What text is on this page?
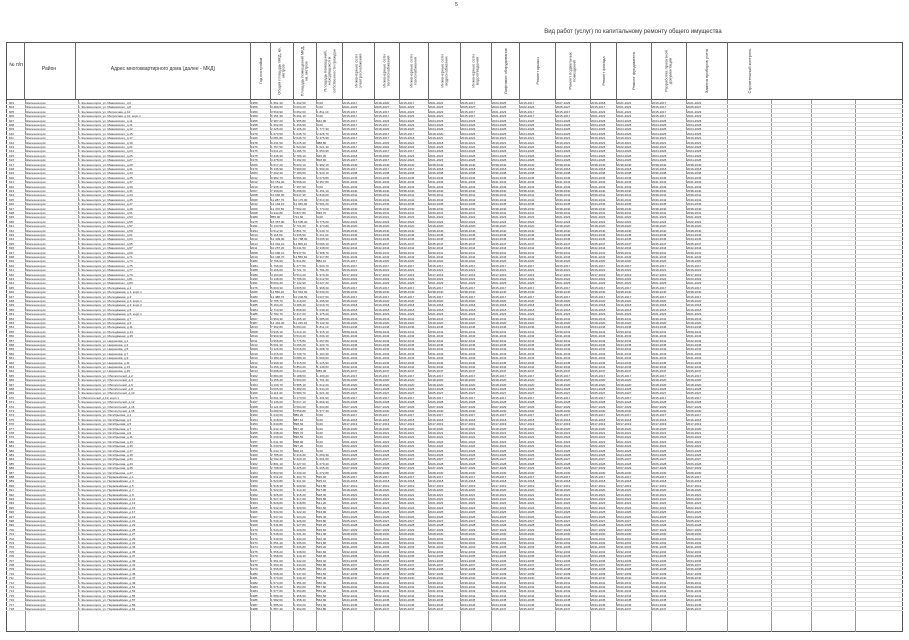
5
Вид работ (услуг) по капитальному ремонту общего имущества
№ п/п
Район	Адрес многоквартирного дома (далее - МКД)	Год постройки	Общая площадь МКД, кв. метров	Площадь помещений МКД, кв. метров	Площадь помещений, находящихся в собственности граждан	Инженерные сети электроснабжения	Инженерные сети теплоснабжения	Инженерные сети газоснабжения	Инженерные сети водоснабжения	Инженерные сети водоотведения	Лифтовое оборудование	Ремонт крыши	Ремонт подвальных помещений	Ремонт фасада	Ремонт фундамента	Разработка проектной документации	Замена приборов учета	Строительный контроль
603	Железногорск	г. Железногорск, ул. Маяковского, д.6	1956	1 561,30	1 292,50	0,00	2015-2017	2018-2020	2015-2017	2021-2023	2015-2017	2023-2025	2015-2017	2027-2029	2016-2018	2021-2023	2015-2017	2021-2023
604	Железногорск	г. Железногорск, ул. Маяковского, д.8	1956	3 489,50	3 004,20	0,00	2021-2023	2025-2027	2021-2023	2021-2023	2025-2027	2023-2025	2022-2024	2025-2027	2015-2017	2021-2023	2015-2017	2025-2027
605	Железногорск	г. Железногорск, ул. Матросова, д.10	1959	3 560,90	3 052,00	1 811,10	2015-2017	2015-2017	2021-2023	2021-2023	2015-2017	2021-2023	2015-2017	2015-2017	2021-2023	2021-2023	2015-2017	2021-2023
606	Железногорск	г. Железногорск, ул. Матросова, д.10, корп.1	1959	6 151,30	5 291,10	0,00	2015-2017	2015-2017	2021-2023	2021-2023	2015-2017	2021-2023	2015-2017	2015-2017	2021-2023	2021-2023	2015-2017	2021-2023
607	Железногорск	г. Железногорск, ул. Маяковского, д.11	1955	2 387,20	1 955,80	642,90	2015-2017	2021-2023	2024-2026	2024-2026	2024-2026	2024-2026	2024-2026	2024-2026	2024-2026	2024-2026	2024-2026	2024-2026
608	Железногорск	г. Железногорск, ул. Маяковского, д.11	1958	1 662,60	1 466,90	0,00	2015-2017	2015-2017	2021-2023	2024-2026	2024-2026	2024-2026	2024-2026	2024-2026	2024-2026	2024-2026	2024-2026	2024-2026
609	Железногорск	г. Железногорск, ул. Маяковского, д.12	1965	2 425,00	2 106,20	1 777,30	2015-2017	2018-2020	2018-2020	2024-2026	2024-2026	2024-2026	2024-2026	2024-2026	2024-2026	2024-2026	2024-2026	2024-2026
610	Железногорск	г. Железногорск, ул. Маяковского, д.15	1979	1 273,50	1 045,70	2 226,70	2016-2018	2015-2017	2015-2017	2018-2020	2024-2026	2024-2026	2024-2026	2024-2026	2024-2026	2024-2026	2024-2026	2024-2026
611	Железногорск	г. Железногорск, ул. Маяковского, д.17	1966	3 081,80	2 646,70	2 475,90	2015-2017	2015-2017	2016-2018	2019-2021	2019-2021	2019-2021	2019-2021	2019-2021	2019-2021	2019-2021	2019-2021	2019-2021
612	Железногорск	г. Железногорск, ул. Маяковского, д.19	1978	6 231,50	5 215,40	888,80	2015-2017	2021-2023	2019-2021	2016-2018	2019-2021	2019-2021	2019-2021	2019-2021	2019-2021	2019-2021	2019-2021	2019-2021
613	Железногорск	г. Железногорск, ул. Маяковского, д.21	1976	1 757,50	1 524,90	1 021,30	2015-2017	2022-2024	2022-2024	2021-2023	2022-2024	2022-2024	2022-2024	2022-2024	2022-2024	2022-2024	2022-2024	2022-2024
614	Железногорск	г. Железногорск, ул. Маяковского, д.23	1975	4 611,20	4 196,70	1 054,90	2016-2018	2015-2017	2015-2017	2024-2026	2024-2026	2024-2026	2024-2026	2024-2026	2024-2026	2024-2026	2024-2026	2024-2026
615	Железногорск	г. Железногорск, ул. Маяковского, д.25	1975	3 446,30	2 786,10	945,30	2016-2018	2018-2020	2021-2023	2021-2023	2024-2026	2024-2026	2024-2026	2024-2026	2024-2026	2024-2026	2024-2026	2024-2026
616	Железногорск	г. Железногорск, ул. Маяковского, д.27	1979	3 478,00	3 192,60	818,00	2015-2017	2015-2017	2022-2024	2021-2023	2024-2026	2024-2026	2024-2026	2024-2026	2024-2026	2024-2026	2024-2026	2024-2026
617	Железногорск	г. Железногорск, ул. Маяковского, д.29	2006	6 017,20	5 603,10	1 982,10	2038-2040	2038-2040	2038-2040	2038-2040	2038-2040	2038-2040	2038-2040	2038-2040	2038-2040	2038-2040	2038-2040	2038-2040
618	Железногорск	г. Железногорск, ул. Маяковского, д.31	1976	5 136,90	3 990,60	1 590,20	2015-2017	2015-2017	2015-2017	2016-2018	2016-2018	2016-2018	2016-2018	2016-2018	2016-2018	2016-2018	2016-2018	2016-2018
619	Железногорск	г. Железногорск, ул. Маяковского, д.33	2003	7 292,40	7 180,60	1 943,10	2036-2038	2036-2038	2036-2038	2036-2038	2036-2038	2036-2038	2036-2038	2036-2038	2036-2038	2036-2038	2036-2038	2036-2038
620	Железногорск	г. Железногорск, ул. Маяковского, д.35	2012	9 982,70	9 566,30	2 079,80	2043-2045	2043-2045	2043-2045	2043-2045	2043-2045	2043-2045	2043-2045	2043-2045	2043-2045	2043-2045	2043-2045	2043-2045
621	Железногорск	г. Железногорск, ул. Маяковского, д.37	2012	10 151,00	9 598,20	2 357,80	2041-2043	2041-2043	2041-2043	2041-2043	2041-2043	2041-2043	2041-2043	2041-2043	2041-2043	2041-2043	2041-2043	2041-2043
622	Железногорск	г. Железногорск, ул. Маяковского, д.39	2010	7 935,30	7 357,90	0,00	2041-2043	2041-2043	2041-2043	2041-2043	2041-2043	2041-2043	2041-2043	2041-2043	2041-2043	2041-2043	2041-2043	2041-2043
623	Железногорск	г. Железногорск, ул. Маяковского, д.41	2007	7 390,80	6 298,60	1 451,10	2038-2040	2038-2040	2038-2040	2038-2040	2038-2040	2038-2040	2038-2040	2038-2040	2038-2040	2038-2040	2038-2040	2038-2040
624	Железногорск	г. Железногорск, ул. Маяковского, д.43	2008	10 660,00	9 647,30	2 849,00	2039-2041	2039-2041	2039-2041	2039-2041	2039-2041	2039-2041	2039-2041	2039-2041	2039-2041	2039-2041	2039-2041	2039-2041
625	Железногорск	г. Железногорск, ул. Маяковского, д.45	2009	11 287,70	10 170,00	2 613,30	2040-2042	2040-2042	2040-2042	2040-2042	2040-2042	2040-2042	2040-2042	2040-2042	2040-2042	2040-2042	2040-2042	2040-2042
626	Железногорск	г. Железногорск, ул. Маяковского, д.47	2012	12 163,10	11 046,00	2 591,20	2043-2045	2043-2045	2043-2045	2043-2045	2043-2045	2043-2045	2043-2045	2043-2045	2043-2045	2043-2045	2043-2045	2043-2045
627	Железногорск	г. Железногорск, ул. Маяковского, д.49	2006	11 470,50	7 502,20	1 773,00	2038-2040	2038-2040	2038-2040	2038-2040	2038-2040	2038-2040	2038-2040	2038-2040	2038-2040	2038-2040	2038-2040	2038-2040
628	Железногорск	г. Железногорск, ул. Маяковского, д.51	2008	4 344,80	3 827,80	936,70	2039-2041	2039-2041	2039-2041	2039-2041	2039-2041	2039-2041	2039-2041	2039-2041	2039-2041	2039-2041	2039-2041	2039-2041
629	Железногорск	г. Железногорск, ул. Маяковского, д.53	1989	855,00	724,60	0,00	2019-2021	2019-2021	2021-2023	2021-2023	2021-2023	2021-2023	2021-2023	2021-2023	2021-2023	2021-2023	2021-2023	2021-2023
630	Железногорск	г. Железногорск, ул. Маяковского, д.55	1975	15 357,80	13 535,00	6 776,00	2022-2024	2022-2024	2022-2024	2022-2024	2022-2024	2022-2024	2022-2024	2022-2024	2022-2024	2022-2024	2022-2024	2022-2024
631	Железногорск	г. Железногорск, ул. Маяковского, д.57	1991	3 133,50	2 721,60	1 373,80	2018-2020	2018-2020	2018-2020	2018-2020	2018-2020	2018-2020	2018-2020	2018-2020	2018-2020	2018-2020	2018-2020	2018-2020
632	Железногорск	г. Железногорск, ул. Маяковского, д.59	1994	3 512,30	2 861,70	1 049,70	2038-2040	2038-2040	2038-2040	2038-2040	2038-2040	2038-2040	2038-2040	2038-2040	2038-2040	2038-2040	2038-2040	2038-2040
633	Железногорск	г. Железногорск, ул. Маяковского, д.61	2013	5 118,60	4 336,50	1 211,00	2044-2046	2044-2046	2044-2046	2044-2046	2044-2046	2044-2046	2044-2046	2044-2046	2044-2046	2044-2046	2044-2046	2044-2046
634	Железногорск	г. Железногорск, ул. Маяковского, д.63	2012	12 449,00	10 798,00	3 095,30	2043-2045	2043-2045	2043-2045	2043-2045	2043-2045	2043-2045	2043-2045	2043-2045	2043-2045	2043-2045	2043-2045	2043-2045
635	Железногорск	г. Железногорск, ул. Маяковского, д.65	2014	13 391,10	11 809,10	3 006,10	2045-2047	2045-2047	2045-2047	2045-2047	2045-2047	2045-2047	2045-2047	2045-2047	2045-2047	2045-2047	2045-2047	2045-2047
636	Железногорск	г. Железногорск, ул. Маяковского, д.67	2011	10 257,20	9 241,50	2 348,60	2042-2044	2042-2044	2042-2044	2042-2044	2042-2044	2042-2044	2042-2044	2042-2044	2042-2044	2042-2044	2042-2044	2042-2044
637	Железногорск	г. Железногорск, ул. Маяковского, д.69	2008	10 096,10	8 947,50	2 368,70	2039-2041	2039-2041	2039-2041	2039-2041	2039-2041	2039-2041	2039-2041	2039-2041	2039-2041	2039-2041	2039-2041	2039-2041
638	Железногорск	г. Железногорск, ул. Маяковского, д.71	2010	10 196,70	11 556,60	2 317,80	2041-2043	2041-2043	2041-2043	2041-2043	2041-2043	2041-2043	2041-2043	2041-2043	2041-2043	2041-2043	2041-2043	2041-2043
639	Железногорск	г. Железногорск, ул. Маяковского, д.73	1982	2 766,60	1 611,80	882,10	2015-2017	2018-2020	2018-2020	2018-2020	2018-2020	2018-2020	2018-2020	2018-2020	2018-2020	2018-2020	2018-2020	2018-2020
640	Железногорск	г. Железногорск, ул. Маяковского, д.75	1984	1 796,60	1 477,50	1 024,70	2015-2017	2015-2017	2015-2017	2015-2017	2015-2017	2015-2017	2015-2017	2015-2017	2015-2017	2015-2017	2015-2017	2015-2017
641	Железногорск	г. Железногорск, ул. Маяковского, д.77	1988	3 166,60	2 721,70	1 791,20	2019-2021	2019-2021	2019-2021	2019-2021	2019-2021	2019-2021	2019-2021	2019-2021	2019-2021	2019-2021	2019-2021	2019-2021
642	Железногорск	г. Железногорск, ул. Маяковского, д.79	1989	4 104,80	3 514,20	1 979,40	2017-2019	2017-2019	2017-2019	2017-2019	2017-2019	2017-2019	2017-2019	2017-2019	2017-2019	2017-2019	2017-2019	2017-2019
643	Железногорск	г. Железногорск, ул. Маяковского, д.81	1990	4 148,00	3 796,60	2 012,50	2020-2022	2020-2022	2020-2022	2020-2022	2020-2022	2020-2022	2020-2022	2020-2022	2020-2022	2020-2022	2020-2022	2020-2022
644	Железногорск	г. Железногорск, ул. Маяковского, д.83	1991	8 064,40	7 142,90	3 227,20	2021-2023	2021-2023	2021-2023	2021-2023	2021-2023	2021-2023	2021-2023	2021-2023	2021-2023	2021-2023	2021-2023	2021-2023
645	Железногорск	г. Железногорск, ул. Молодёжная, д.1	1976	5 600,30	4 605,60	1 998,40	2015-2017	2015-2017	2015-2017	2015-2017	2015-2017	2015-2017	2015-2017	2015-2017	2015-2017	2015-2017	2015-2017	2015-2017
646	Железногорск	г. Железногорск, ул. Молодёжная, д.1, корп.1	2006	11 556,20	10 510,60	2 630,20	2038-2040	2038-2040	2038-2040	2038-2040	2038-2040	2038-2040	2038-2040	2038-2040	2038-2040	2038-2040	2038-2040	2038-2040
647	Железногорск	г. Железногорск, ул. Молодёжная, д.3	1980	11 488,70	10 246,50	4 027,60	2015-2017	2015-2017	2015-2017	2015-2017	2015-2017	2015-2017	2015-2017	2015-2017	2015-2017	2015-2017	2015-2017	2015-2017
648	Железногорск	г. Железногорск, ул. Молодёжная, д.3, корп.1	1983	2 785,70	2 419,60	1 296,90	2018-2020	2018-2020	2018-2020	2018-2020	2018-2020	2018-2020	2018-2020	2018-2020	2018-2020	2018-2020	2018-2020	2018-2020
649	Железногорск	г. Железногорск, ул. Молодёжная, д.3, корп.2	1985	5 164,20	4 486,40	2 019,70	2016-2018	2016-2018	2016-2018	2016-2018	2016-2018	2016-2018	2016-2018	2016-2018	2016-2018	2016-2018	2016-2018	2016-2018
650	Железногорск	г. Железногорск, ул. Молодёжная, д.5	1984	2 710,90	1 899,90	1 049,40	2016-2018	2016-2018	2016-2018	2016-2018	2016-2018	2016-2018	2016-2018	2016-2018	2016-2018	2016-2018	2016-2018	2016-2018
651	Железногорск	г. Железногорск, ул. Молодёжная, д.5, корп.1	1986	2 782,70	2 417,60	1 375,40	2021-2023	2021-2023	2021-2023	2021-2023	2021-2023	2021-2023	2021-2023	2021-2023	2021-2023	2021-2023	2021-2023	2021-2023
652	Железногорск	г. Железногорск, ул. Молодёжная, д.7	2007	3 960,30	3 465,10	1 085,00	2039-2041	2039-2041	2039-2041	2039-2041	2039-2041	2039-2041	2039-2041	2039-2041	2039-2041	2039-2041	2039-2041	2039-2041
653	Железногорск	г. Железногорск, ул. Молодёжная, д.9	1987	12 491,00	11 245,40	5 142,30	2018-2020	2018-2020	2018-2020	2018-2020	2018-2020	2018-2020	2018-2020	2018-2020	2018-2020	2018-2020	2018-2020	2018-2020
654	Железногорск	г. Железногорск, ул. Молодёжная, д.11	2013	7 362,80	6 664,00	1 811,10	2044-2046	2044-2046	2044-2046	2044-2046	2044-2046	2044-2046	2044-2046	2044-2046	2044-2046	2044-2046	2044-2046	2044-2046
655	Железногорск	г. Железногорск, ул. Молодёжная, д.13	2008	4 946,10	4 210,10	1 315,10	2039-2041	2039-2041	2039-2041	2039-2041	2039-2041	2039-2041	2039-2041	2039-2041	2039-2041	2039-2041	2039-2041	2039-2041
656	Железногорск	г. Железногорск, ул. Молодёжная, д.15	2010	3 960,90	3 510,40	1 039,10	2041-2043	2041-2043	2041-2043	2041-2043	2041-2043	2041-2043	2041-2043	2041-2043	2041-2043	2041-2043	2041-2043	2041-2043
657	Железногорск	г. Железногорск, ул. Некрасова, д.1	2011	4 566,80	3 776,80	1 097,80	2042-2044	2042-2044	2042-2044	2042-2044	2042-2044	2042-2044	2042-2044	2042-2044	2042-2044	2042-2044	2042-2044	2042-2044
658	Железногорск	г. Железногорск, ул. Некрасова, д.3	2012	5 001,30	4 266,20	1 203,70	2043-2045	2043-2045	2043-2045	2043-2045	2043-2045	2043-2045	2043-2045	2043-2045	2043-2045	2043-2045	2043-2045	2043-2045
659	Железногорск	г. Железногорск, ул. Некрасова, д.5	2009	4 126,60	3 616,00	1 068,70	2040-2042	2040-2042	2040-2042	2040-2042	2040-2042	2040-2042	2040-2042	2040-2042	2040-2042	2040-2042	2040-2042	2040-2042
660	Железногорск	г. Железногорск, ул. Некрасова, д.7	2010	4 215,00	3 729,70	1 104,30	2041-2043	2041-2043	2041-2043	2041-2043	2041-2043	2041-2043	2041-2043	2041-2043	2041-2043	2041-2043	2041-2043	2041-2043
661	Железногорск	г. Железногорск, ул. Некрасова, д.9	2010	4 180,40	3 680,10	1 090,00	2041-2043	2041-2043	2041-2043	2041-2043	2041-2043	2041-2043	2041-2043	2041-2043	2041-2043	2041-2043	2041-2043	2041-2043
662	Железногорск	г. Железногорск, ул. Некрасова, д.11	2012	4 998,30	4 315,60	1 225,90	2043-2045	2043-2045	2043-2045	2043-2045	2043-2045	2043-2045	2043-2045	2043-2045	2043-2045	2043-2045	2043-2045	2043-2045
663	Железногорск	г. Железногорск, ул. Некрасова, д.13	2011	4 456,10	3 854,20	1 140,60	2042-2044	2042-2044	2042-2044	2042-2044	2042-2044	2042-2044	2042-2044	2042-2044	2042-2044	2042-2044	2042-2044	2042-2044
664	Железногорск	г. Железногорск, ул. Некрасова, д.15	2014	3 698,20	3 214,00	955,30	2045-2047	2045-2047	2045-2047	2045-2047	2045-2047	2045-2047	2045-2047	2045-2047	2045-2047	2045-2047	2045-2047	2045-2047
665	Железногорск	г. Железногорск, ул. Обогатителей, д.2	1962	3 684,60	3 188,50	1 400,20	2015-2017	2015-2017	2015-2017	2015-2017	2015-2017	2015-2017	2015-2017	2015-2017	2015-2017	2015-2017	2015-2017	2015-2017
666	Железногорск	г. Железногорск, ул. Обогатителей, д.4	1963	4 155,40	3 503,00	1 701,40	2018-2020	2018-2020	2018-2020	2018-2020	2018-2020	2018-2020	2018-2020	2018-2020	2018-2020	2018-2020	2018-2020	2018-2020
667	Железногорск	г. Железногорск, ул. Обогатителей, д.6	1964	4 109,70	3 585,10	1 612,20	2018-2020	2018-2020	2018-2020	2018-2020	2018-2020	2018-2020	2018-2020	2018-2020	2018-2020	2018-2020	2018-2020	2018-2020
668	Железногорск	г. Железногорск, ул. Обогатителей, д.8	1965	4 005,60	3 482,00	1 544,20	2024-2026	2024-2026	2024-2026	2024-2026	2024-2026	2024-2026	2024-2026	2024-2026	2024-2026	2024-2026	2024-2026	2024-2026
669	Железногорск	г. Железногорск, ул. Обогатителей, д.10	1966	4 116,30	3 580,70	1 621,40	2025-2027	2025-2027	2025-2027	2025-2027	2025-2027	2025-2027	2025-2027	2025-2027	2025-2027	2025-2027	2025-2027	2025-2027
670	Железногорск	г. Обогатителей, д.10, корп.1	1976	3 691,30	3 173,60	1 431,90	2015-2017	2015-2017	2015-2017	2015-2017	2015-2017	2015-2017	2015-2017	2015-2017	2015-2017	2015-2017	2015-2017	2015-2017
671	Железногорск	г. Железногорск, ул. Обогатителей, д.12	1967	4 136,00	3 617,10	1 669,30	2026-2028	2026-2028	2026-2028	2026-2028	2026-2028	2026-2028	2026-2028	2026-2028	2026-2028	2026-2028	2026-2028	2026-2028
672	Железногорск	г. Железногорск, ул. Обогатителей, д.14	1968	4 121,60	3 594,60	1 603,80	2027-2029	2027-2029	2027-2029	2027-2029	2027-2029	2027-2029	2027-2029	2027-2029	2027-2029	2027-2029	2027-2029	2027-2029
673	Железногорск	г. Железногорск, ул. Обогатителей, д.16	1969	4 089,50	3 559,80	1 577,40	2028-2030	2028-2030	2028-2030	2028-2030	2028-2030	2028-2030	2028-2030	2028-2030	2028-2030	2028-2030	2028-2030	2028-2030
674	Железногорск	г. Железногорск, ул. Октябрьская, д.1	1952	1 043,00	880,20	0,00	2015-2017	2015-2017	2015-2017	2015-2017	2015-2017	2015-2017	2015-2017	2015-2017	2015-2017	2015-2017	2015-2017	2015-2017
675	Железногорск	г. Железногорск, ул. Октябрьская, д.3	1954	1 018,60	887,10	0,00	2016-2018	2016-2018	2016-2018	2016-2018	2016-2018	2016-2018	2016-2018	2016-2018	2016-2018	2016-2018	2016-2018	2016-2018
676	Железногорск	г. Железногорск, ул. Октябрьская, д.5	1953	1 040,80	898,60	0,00	2017-2019	2017-2019	2017-2019	2017-2019	2017-2019	2017-2019	2017-2019	2017-2019	2017-2019	2017-2019	2017-2019	2017-2019
677	Железногорск	г. Железногорск, ул. Октябрьская, д.7	1954	1 042,10	897,40	0,00	2018-2020	2018-2020	2018-2020	2018-2020	2018-2020	2018-2020	2018-2020	2018-2020	2018-2020	2018-2020	2018-2020	2018-2020
678	Железногорск	г. Железногорск, ул. Октябрьская, д.9	1955	1 038,20	895,70	0,00	2019-2021	2019-2021	2019-2021	2019-2021	2019-2021	2019-2021	2019-2021	2019-2021	2019-2021	2019-2021	2019-2021	2019-2021
679	Железногорск	г. Железногорск, ул. Октябрьская, д.11	1956	1 039,90	896,50	0,00	2020-2022	2020-2022	2020-2022	2020-2022	2020-2022	2020-2022	2020-2022	2020-2022	2020-2022	2020-2022	2020-2022	2020-2022
680	Железногорск	г. Железногорск, ул. Октябрьская, д.13	1957	1 041,30	898,00	0,00	2021-2023	2021-2023	2021-2023	2021-2023	2021-2023	2021-2023	2021-2023	2021-2023	2021-2023	2021-2023	2021-2023	2021-2023
681	Железногорск	г. Железногорск, ул. Октябрьская, д.15	1958	1 040,50	897,20	0,00	2022-2024	2022-2024	2022-2024	2022-2024	2022-2024	2022-2024	2022-2024	2022-2024	2022-2024	2022-2024	2022-2024	2022-2024
682	Железногорск	г. Железногорск, ул. Октябрьская, д.17	1959	1 043,70	900,10	0,00	2023-2025	2023-2025	2023-2025	2023-2025	2023-2025	2023-2025	2023-2025	2023-2025	2023-2025	2023-2025	2023-2025	2023-2025
683	Железногорск	г. Железногорск, ул. Октябрьская, д.19	1960	2 785,00	2 416,20	1 050,30	2024-2026	2024-2026	2024-2026	2024-2026	2024-2026	2024-2026	2024-2026	2024-2026	2024-2026	2024-2026	2024-2026	2024-2026
684	Железногорск	г. Железногорск, ул. Октябрьская, д.21	1961	2 792,40	2 420,10	1 061,60	2025-2027	2025-2027	2025-2027	2025-2027	2025-2027	2025-2027	2025-2027	2025-2027	2025-2027	2025-2027	2025-2027	2025-2027
685	Железногорск	г. Железногорск, ул. Октябрьская, д.23	1962	2 801,10	2 427,60	1 070,40	2026-2028	2026-2028	2026-2028	2026-2028	2026-2028	2026-2028	2026-2028	2026-2028	2026-2028	2026-2028	2026-2028	2026-2028
686	Железногорск	г. Железногорск, ул. Октябрьская, д.25	1963	2 798,60	2 425,00	1 065,20	2027-2029	2027-2029	2027-2029	2027-2029	2027-2029	2027-2029	2027-2029	2027-2029	2027-2029	2027-2029	2027-2029	2027-2029
687	Железногорск	г. Железногорск, ул. Октябрьская, д.27	1964	2 803,90	2 430,30	1 072,80	2028-2030	2028-2030	2028-2030	2028-2030	2028-2030	2028-2030	2028-2030	2028-2030	2028-2030	2028-2030	2028-2030	2028-2030
688	Железногорск	г. Железногорск, ул. Первомайская, д.1	1958	1 511,20	1 304,70	520,40	2015-2017	2015-2017	2015-2017	2015-2017	2015-2017	2015-2017	2015-2017	2015-2017	2015-2017	2015-2017	2015-2017	2015-2017
689	Железногорск	г. Железногорск, ул. Первомайская, д.3	1959	1 520,80	1 311,30	525,10	2016-2018	2016-2018	2016-2018	2016-2018	2016-2018	2016-2018	2016-2018	2016-2018	2016-2018	2016-2018	2016-2018	2016-2018
690	Железногорск	г. Железногорск, ул. Первомайская, д.5	1960	1 518,30	1 309,90	523,80	2017-2019	2017-2019	2017-2019	2017-2019	2017-2019	2017-2019	2017-2019	2017-2019	2017-2019	2017-2019	2017-2019	2017-2019
691	Железногорск	г. Железногорск, ул. Первомайская, д.7	1961	1 522,60	1 313,40	527,00	2018-2020	2018-2020	2018-2020	2018-2020	2018-2020	2018-2020	2018-2020	2018-2020	2018-2020	2018-2020	2018-2020	2018-2020
692	Железногорск	г. Железногорск, ул. Первомайская, д.9	1962	1 525,00	1 315,20	528,40	2019-2021	2019-2021	2019-2021	2019-2021	2019-2021	2019-2021	2019-2021	2019-2021	2019-2021	2019-2021	2019-2021	2019-2021
693	Железногорск	г. Железногорск, ул. Первомайская, д.11	1963	1 527,40	1 317,00	529,80	2020-2022	2020-2022	2020-2022	2020-2022	2020-2022	2020-2022	2020-2022	2020-2022	2020-2022	2020-2022	2020-2022	2020-2022
694	Железногорск	г. Железногорск, ул. Первомайская, д.13	1964	1 529,80	1 318,80	531,20	2021-2023	2021-2023	2021-2023	2021-2023	2021-2023	2021-2023	2021-2023	2021-2023	2021-2023	2021-2023	2021-2023	2021-2023
695	Железногорск	г. Железногорск, ул. Первомайская, д.15	1965	1 532,20	1 320,60	532,60	2022-2024	2022-2024	2022-2024	2022-2024	2022-2024	2022-2024	2022-2024	2022-2024	2022-2024	2022-2024	2022-2024	2022-2024
696	Железногорск	г. Железногорск, ул. Первомайская, д.17	1966	1 534,60	1 322,40	534,00	2023-2025	2023-2025	2023-2025	2023-2025	2023-2025	2023-2025	2023-2025	2023-2025	2023-2025	2023-2025	2023-2025	2023-2025
697	Железногорск	г. Железногорск, ул. Первомайская, д.19	1967	1 537,00	1 324,20	535,40	2024-2026	2024-2026	2024-2026	2024-2026	2024-2026	2024-2026	2024-2026	2024-2026	2024-2026	2024-2026	2024-2026	2024-2026
698	Железногорск	г. Железногорск, ул. Первомайская, д.21	1968	1 539,40	1 326,00	536,80	2025-2027	2025-2027	2025-2027	2025-2027	2025-2027	2025-2027	2025-2027	2025-2027	2025-2027	2025-2027	2025-2027	2025-2027
699	Железногорск	г. Железногорск, ул. Первомайская, д.23	1969	1 541,80	1 327,80	538,20	2026-2028	2026-2028	2026-2028	2026-2028	2026-2028	2026-2028	2026-2028	2026-2028	2026-2028	2026-2028	2026-2028	2026-2028
700	Железногорск	г. Железногорск, ул. Первомайская, д.25	1970	1 544,20	1 329,60	539,60	2027-2029	2027-2029	2027-2029	2027-2029	2027-2029	2027-2029	2027-2029	2027-2029	2027-2029	2027-2029	2027-2029	2027-2029
701	Железногорск	г. Железногорск, ул. Первомайская, д.27	1971	1 546,60	1 331,40	541,00	2028-2030	2028-2030	2028-2030	2028-2030	2028-2030	2028-2030	2028-2030	2028-2030	2028-2030	2028-2030	2028-2030	2028-2030
702	Железногорск	г. Железногорск, ул. Первомайская, д.29	1972	1 549,00	1 333,20	542,40	2029-2031	2029-2031	2029-2031	2029-2031	2029-2031	2029-2031	2029-2031	2029-2031	2029-2031	2029-2031	2029-2031	2029-2031
703	Железногорск	г. Железногорск, ул. Первомайская, д.31	1973	1 551,40	1 335,00	543,80	2030-2032	2030-2032	2030-2032	2030-2032	2030-2032	2030-2032	2030-2032	2030-2032	2030-2032	2030-2032	2030-2032	2030-2032
704	Железногорск	г. Железногорск, ул. Первомайская, д.33	1974	1 553,80	1 336,80	545,20	2031-2033	2031-2033	2031-2033	2031-2033	2031-2033	2031-2033	2031-2033	2031-2033	2031-2033	2031-2033	2031-2033	2031-2033
705	Железногорск	г. Железногорск, ул. Первомайская, д.35	1975	1 556,20	1 338,60	546,60	2032-2034	2032-2034	2032-2034	2032-2034	2032-2034	2032-2034	2032-2034	2032-2034	2032-2034	2032-2034	2032-2034	2032-2034
706	Железногорск	г. Железногорск, ул. Первомайская, д.37	1976	1 558,60	1 340,40	548,00	2033-2035	2033-2035	2033-2035	2033-2035	2033-2035	2033-2035	2033-2035	2033-2035	2033-2035	2033-2035	2033-2035	2033-2035
707	Железногорск	г. Железногорск, ул. Первомайская, д.39	1977	1 561,00	1 342,20	549,40	2034-2036	2034-2036	2034-2036	2034-2036	2034-2036	2034-2036	2034-2036	2034-2036	2034-2036	2034-2036	2034-2036	2034-2036
708	Железногорск	г. Железногорск, ул. Первомайская, д.41	1978	1 563,40	1 344,00	550,80	2035-2037	2035-2037	2035-2037	2035-2037	2035-2037	2035-2037	2035-2037	2035-2037	2035-2037	2035-2037	2035-2037	2035-2037
709	Железногорск	г. Железногорск, ул. Первомайская, д.43	1979	1 565,80	1 345,80	552,20	2036-2038	2036-2038	2036-2038	2036-2038	2036-2038	2036-2038	2036-2038	2036-2038	2036-2038	2036-2038	2036-2038	2036-2038
710	Железногорск	г. Железногорск, ул. Первомайская, д.45	1980	1 568,20	1 347,60	553,60	2037-2039	2037-2039	2037-2039	2037-2039	2037-2039	2037-2039	2037-2039	2037-2039	2037-2039	2037-2039	2037-2039	2037-2039
711	Железногорск	г. Железногорск, ул. Первомайская, д.47	1981	1 570,60	1 349,40	555,00	2038-2040	2038-2040	2038-2040	2038-2040	2038-2040	2038-2040	2038-2040	2038-2040	2038-2040	2038-2040	2038-2040	2038-2040
712	Железногорск	г. Железногорск, ул. Первомайская, д.49	1982	1 573,00	1 351,20	556,40	2039-2041	2039-2041	2039-2041	2039-2041	2039-2041	2039-2041	2039-2041	2039-2041	2039-2041	2039-2041	2039-2041	2039-2041
713	Железногорск	г. Железногорск, ул. Первомайская, д.51	1983	1 575,40	1 353,00	557,80	2040-2042	2040-2042	2040-2042	2040-2042	2040-2042	2040-2042	2040-2042	2040-2042	2040-2042	2040-2042	2040-2042	2040-2042
714	Железногорск	г. Железногорск, ул. Первомайская, д.53	1984	1 577,80	1 354,80	559,20	2041-2043	2041-2043	2041-2043	2041-2043	2041-2043	2041-2043	2041-2043	2041-2043	2041-2043	2041-2043	2041-2043	2041-2043
715	Железногорск	г. Железногорск, ул. Первомайская, д.55	1985	1 580,20	1 356,60	560,60	2042-2044	2042-2044	2042-2044	2042-2044	2042-2044	2042-2044	2042-2044	2042-2044	2042-2044	2042-2044	2042-2044	2042-2044
716	Железногорск	г. Железногорск, ул. Первомайская, д.57	1986	1 582,60	1 358,40	562,00	2043-2045	2043-2045	2043-2045	2043-2045	2043-2045	2043-2045	2043-2045	2043-2045	2043-2045	2043-2045	2043-2045	2043-2045
717	Железногорск	г. Железногорск, ул. Первомайская, д.59	1987	1 585,00	1 360,20	563,40	2044-2046	2044-2046	2044-2046	2044-2046	2044-2046	2044-2046	2044-2046	2044-2046	2044-2046	2044-2046	2044-2046	2044-2046
718	Железногорск	г. Железногорск, ул. Первомайская, д.61	1988	1 587,40	1 362,00	564,80	2045-2047	2045-2047	2045-2047	2045-2047	2045-2047	2045-2047	2045-2047	2045-2047	2045-2047	2045-2047	2045-2047	2045-2047
